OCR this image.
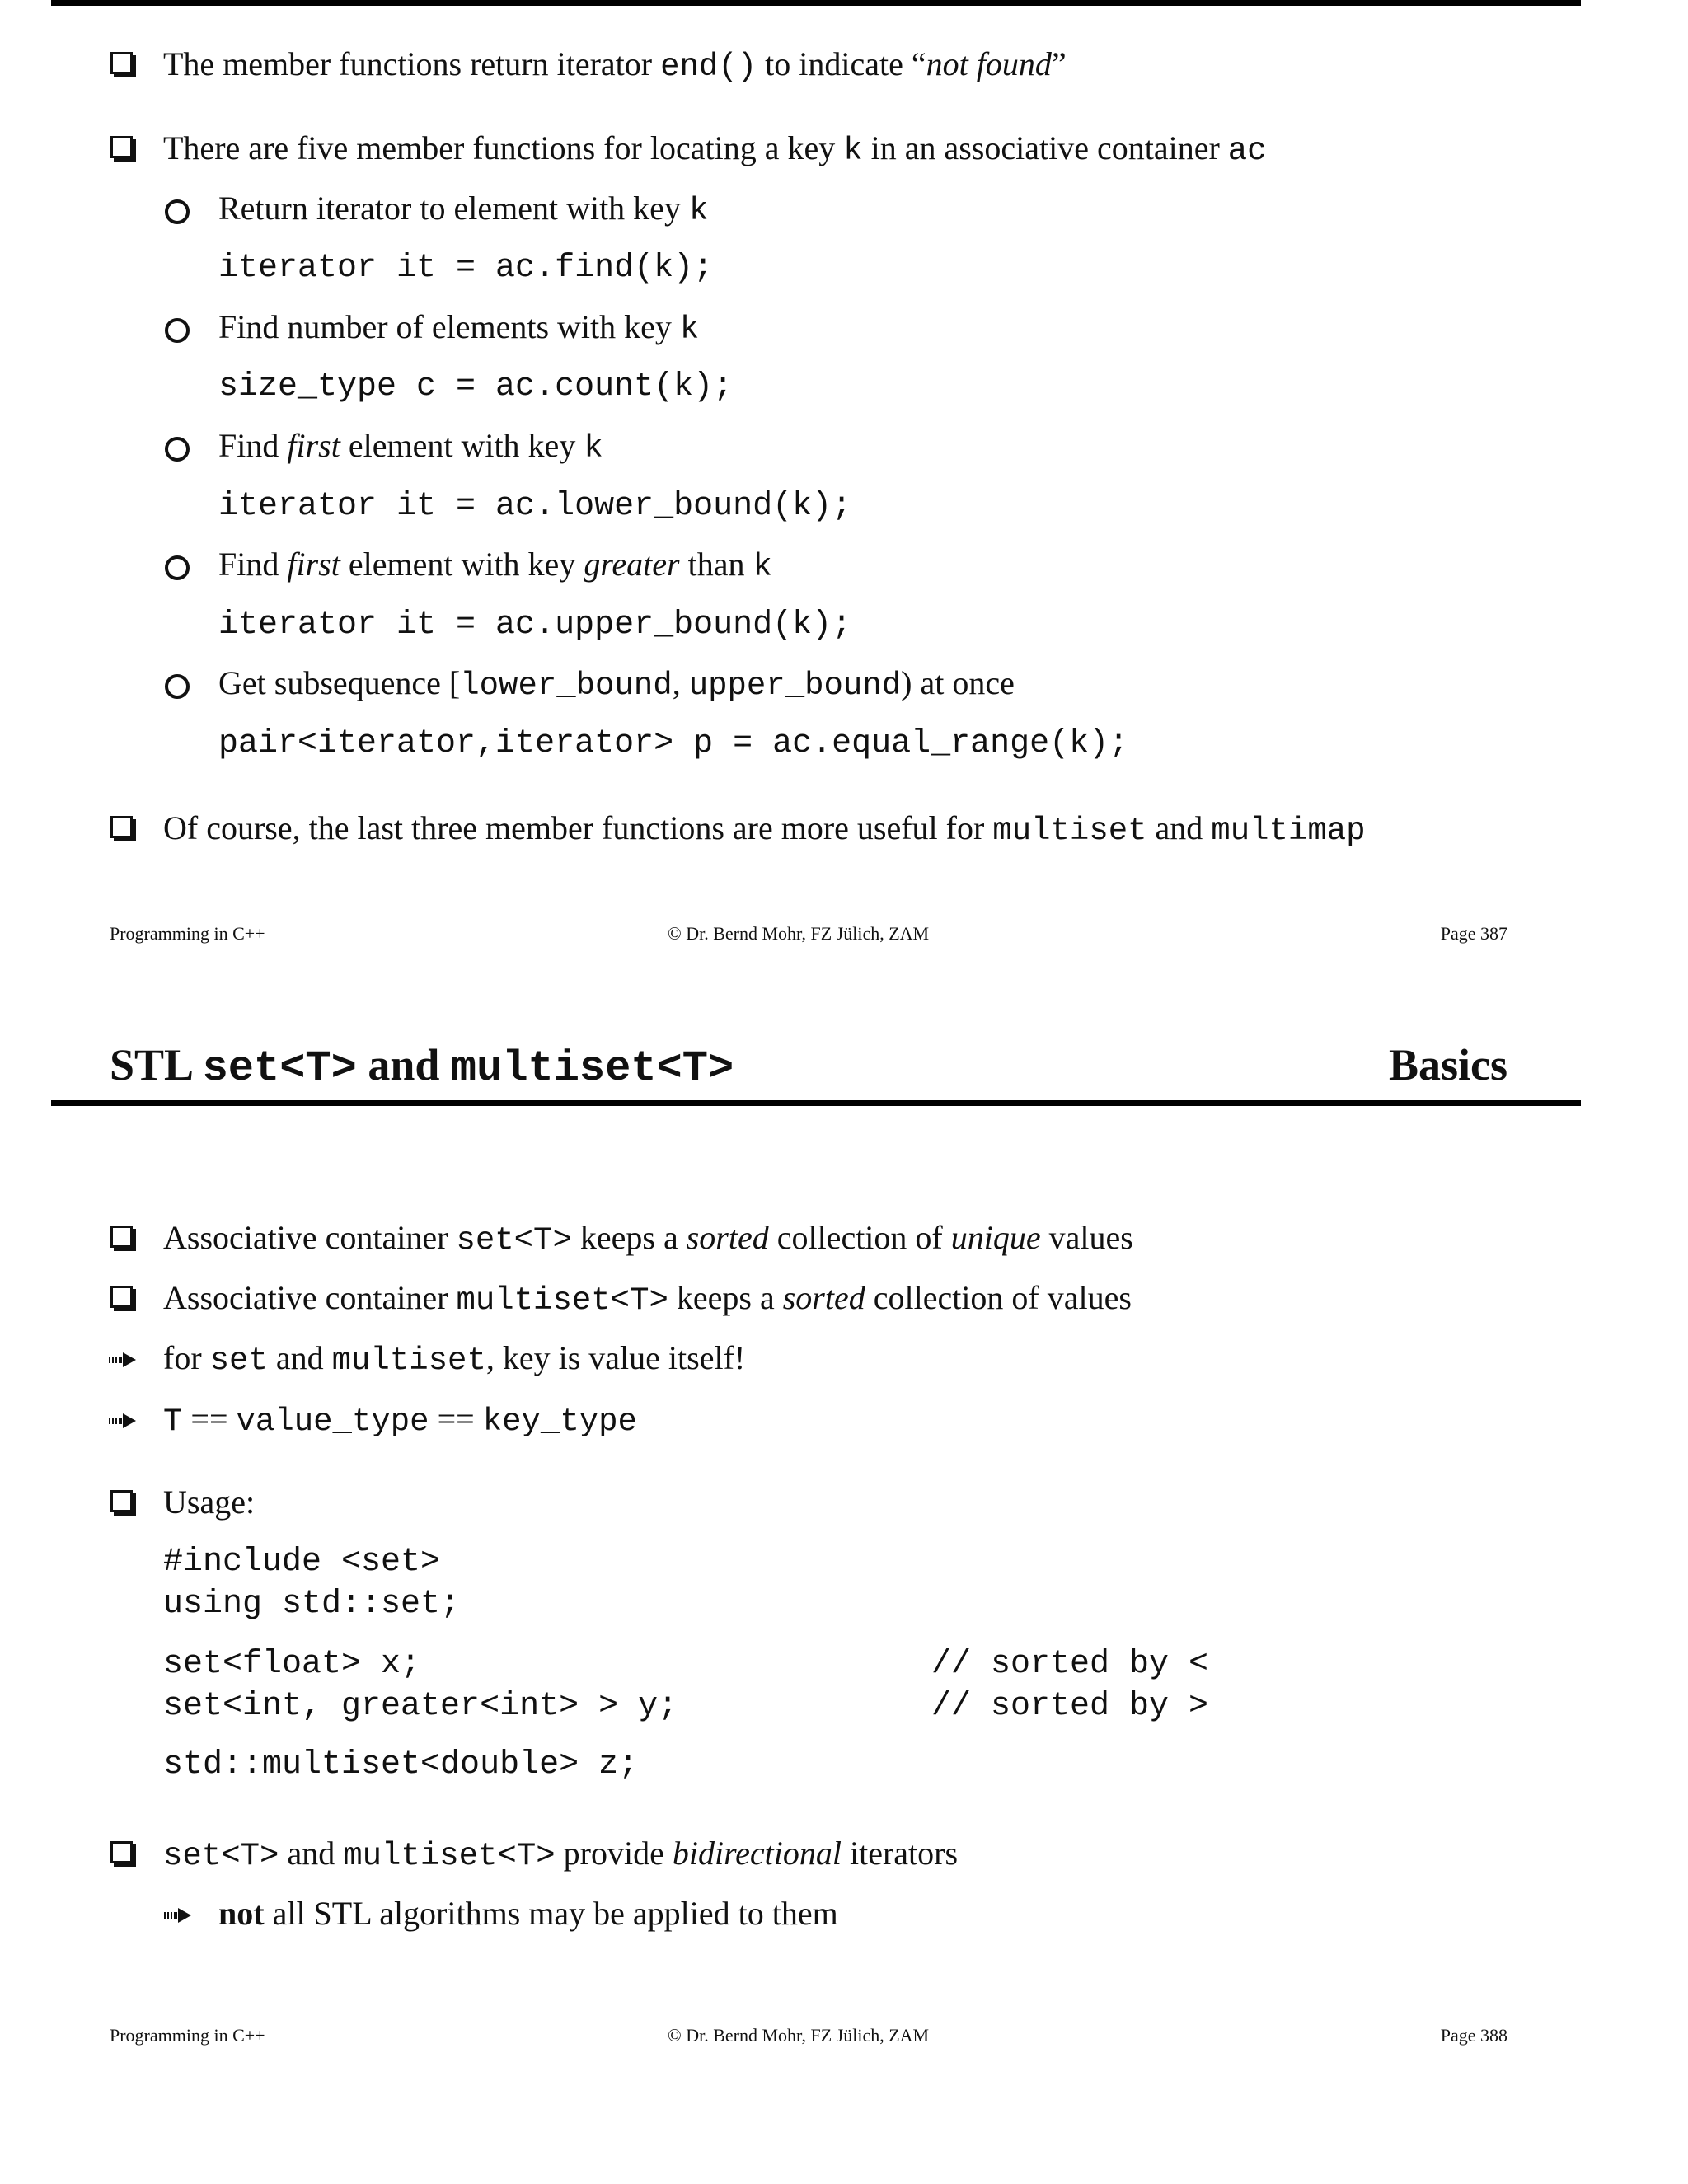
The member functions return iterator end() to indicate “not found”
There are five member functions for locating a key k in an associative container ac
Return iterator to element with key k
iterator it = ac.find(k);
Find number of elements with key k
size_type c = ac.count(k);
Find first element with key k
iterator it = ac.lower_bound(k);
Find first element with key greater than k
iterator it = ac.upper_bound(k);
Get subsequence [lower_bound, upper_bound) at once
pair<iterator,iterator> p = ac.equal_range(k);
Of course, the last three member functions are more useful for multiset and multimap
Programming in C++	© Dr. Bernd Mohr, FZ Jülich, ZAM	Page 387
STL set<T> and multiset<T>	Basics
Associative container set<T> keeps a sorted collection of unique values
Associative container multiset<T> keeps a sorted collection of values
for set and multiset, key is value itself!
T == value_type == key_type
Usage:
#include <set>
using std::set;
set<float> x;	// sorted by <
set<int, greater<int> > y;	// sorted by >
std::multiset<double> z;
set<T> and multiset<T> provide bidirectional iterators
not all STL algorithms may be applied to them
Programming in C++	© Dr. Bernd Mohr, FZ Jülich, ZAM	Page 388
